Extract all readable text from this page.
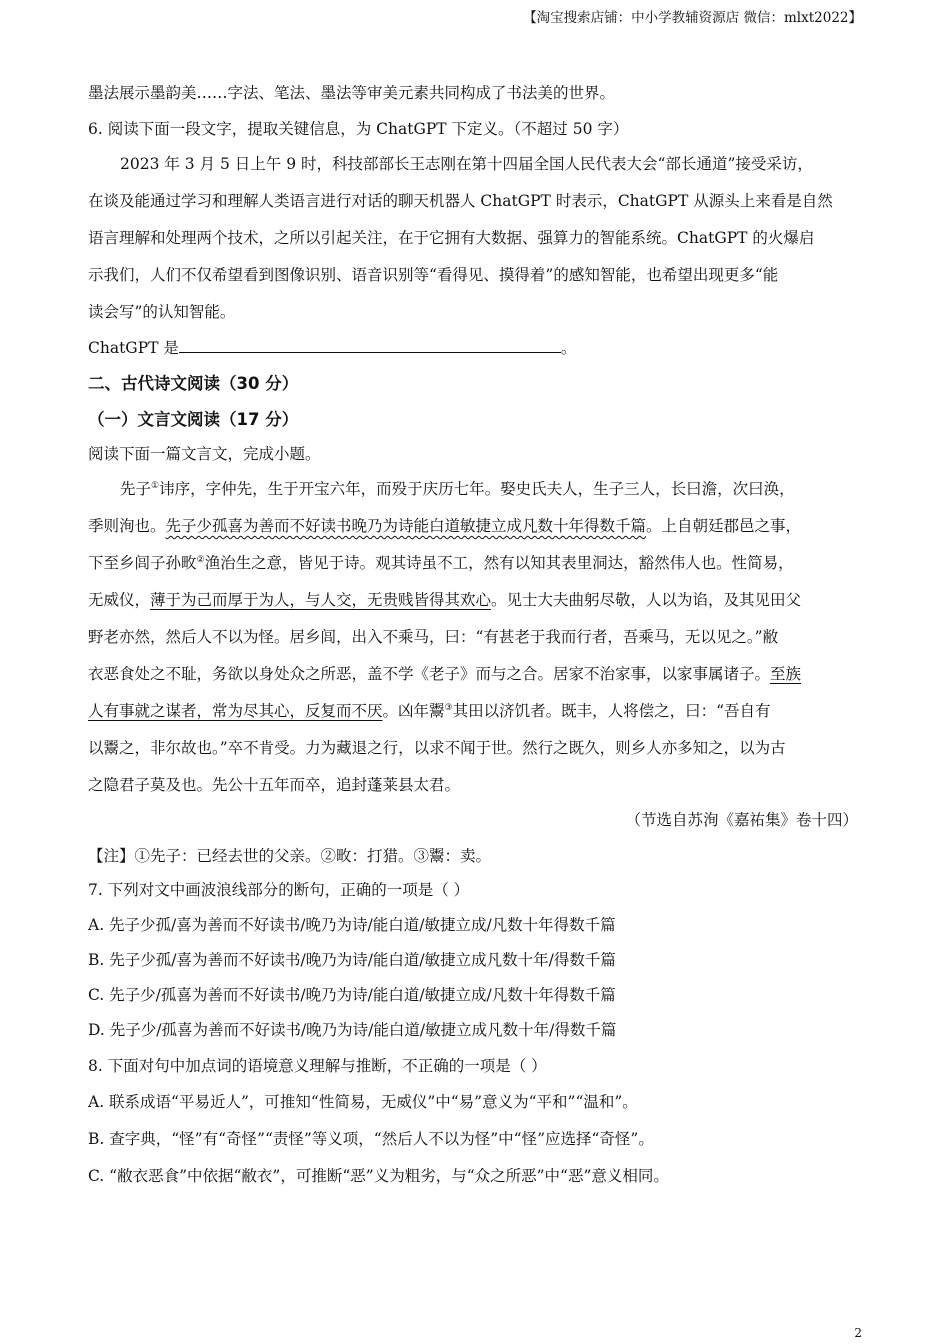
【淘宝搜索店铺：中小学教辅资源店 微信：mlxt2022】
墨法展示墨韵美……字法、笔法、墨法等审美元素共同构成了书法美的世界。
6. 阅读下面一段文字，提取关键信息，为 ChatGPT 下定义。（不超过 50 字）
2023 年 3 月 5 日上午 9 时，科技部部长王志刚在第十四届全国人民代表大会“部长通道”接受采访，
在谈及能通过学习和理解人类语言进行对话的聊天机器人 ChatGPT 时表示，ChatGPT 从源头上来看是自然
语言理解和处理两个技术，之所以引起关注，在于它拥有大数据、强算力的智能系统。ChatGPT 的火爆启
示我们，人们不仅希望看到图像识别、语音识别等“看得见、摸得着”的感知智能，也希望出现更多“能
读会写”的认知智能。
ChatGPT 是	。
二、古代诗文阅读（30 分）
（一）文言文阅读（17 分）
阅读下面一篇文言文，完成小题。
先子①讳序，字仲先，生于开宝六年，而殁于庆历七年。娶史氏夫人，生子三人，长曰澹，次曰涣，
季则洵也。先子少孤喜为善而不好读书晚乃为诗能白道敏捷立成凡数十年得数千篇。上自朝廷郡邑之事，
下至乡闾子孙畋②渔治生之意，皆见于诗。观其诗虽不工，然有以知其表里洞达，豁然伟人也。性简易，
无威仪，薄于为己而厚于为人，与人交，无贵贱皆得其欢心。见士大夫曲躬尽敬，人以为谄，及其见田父
野老亦然，然后人不以为怪。居乡闾，出入不乘马，曰：“有甚老于我而行者，吾乘马，无以见之。”敝
衣恶食处之不耻，务欲以身处众之所恶，盖不学《老子》而与之合。居家不治家事，以家事属诸子。至族
人有事就之谋者，常为尽其心，反复而不厌。凶年鬻③其田以济饥者。既丰，人将偿之，曰：“吾自有
以鬻之，非尔故也。”卒不肯受。力为藏退之行，以求不闻于世。然行之既久，则乡人亦多知之，以为古
之隐君子莫及也。先公十五年而卒，追封蓬莱县太君。
（节选自苏洵《嘉祐集》卷十四）
【注】①先子：已经去世的父亲。②畋：打猎。③鬻：卖。
7. 下列对文中画波浪线部分的断句，正确的一项是（ ）
A. 先子少孤/喜为善而不好读书/晚乃为诗/能白道/敏捷立成/凡数十年得数千篇
B. 先子少孤/喜为善而不好读书/晚乃为诗/能白道/敏捷立成凡数十年/得数千篇
C. 先子少/孤喜为善而不好读书/晚乃为诗/能白道/敏捷立成/凡数十年得数千篇
D. 先子少/孤喜为善而不好读书/晚乃为诗/能白道/敏捷立成凡数十年/得数千篇
8. 下面对句中加点词的语境意义理解与推断，不正确的一项是（ ）
A. 联系成语“平易近人”，可推知“性简易，无威仪”中“易”意义为“平和”“温和”。
B. 查字典，“怪”有“奇怪”“责怪”等义项，“然后人不以为怪”中“怪”应选择“奇怪”。
C. “敝衣恶食”中依据“敝衣”，可推断“恶”义为粗劣，与“众之所恶”中“恶”意义相同。
2
